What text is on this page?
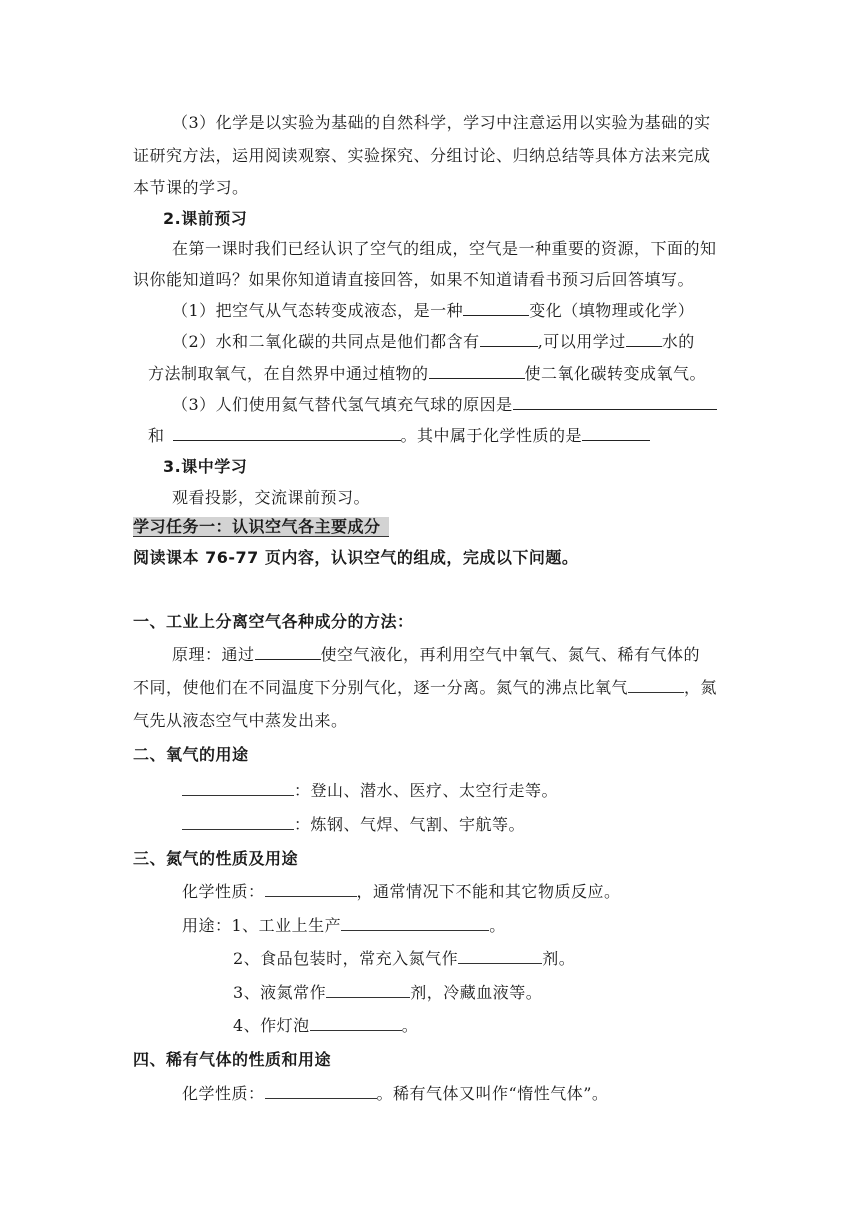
（3）化学是以实验为基础的自然科学，学习中注意运用以实验为基础的实
证研究方法，运用阅读观察、实验探究、分组讨论、归纳总结等具体方法来完成
本节课的学习。
2.课前预习
在第一课时我们已经认识了空气的组成，空气是一种重要的资源，下面的知
识你能知道吗？如果你知道请直接回答，如果不知道请看书预习后回答填写。
（1）把空气从气态转变成液态，是一种	变化（填物理或化学）
（2）水和二氧化碳的共同点是他们都含有	,可以用学过 水的
方法制取氧气，在自然界中通过植物的	使二氧化碳转变成氧气。
（3）人们使用氦气替代氢气填充气球的原因是
和	。其中属于化学性质的是
3.课中学习
观看投影，交流课前预习。
学习任务一：认识空气各主要成分
阅读课本 76-77 页内容，认识空气的组成，完成以下问题。
一、工业上分离空气各种成分的方法：
原理：通过	使空气液化，再利用空气中氧气、氮气、稀有气体的
不同，使他们在不同温度下分别气化，逐一分离。氮气的沸点比氧气	，氮
气先从液态空气中蒸发出来。
二、氧气的用途
：登山、潜水、医疗、太空行走等。
：炼钢、气焊、气割、宇航等。
三、氮气的性质及用途
化学性质：	，通常情况下不能和其它物质反应。
用途：1、工业上生产	。
2、食品包装时，常充入氮气作	剂。
3、液氮常作	剂，冷藏血液等。
4、作灯泡	。
四、稀有气体的性质和用途
化学性质：	。稀有气体又叫作“惰性气体”。
